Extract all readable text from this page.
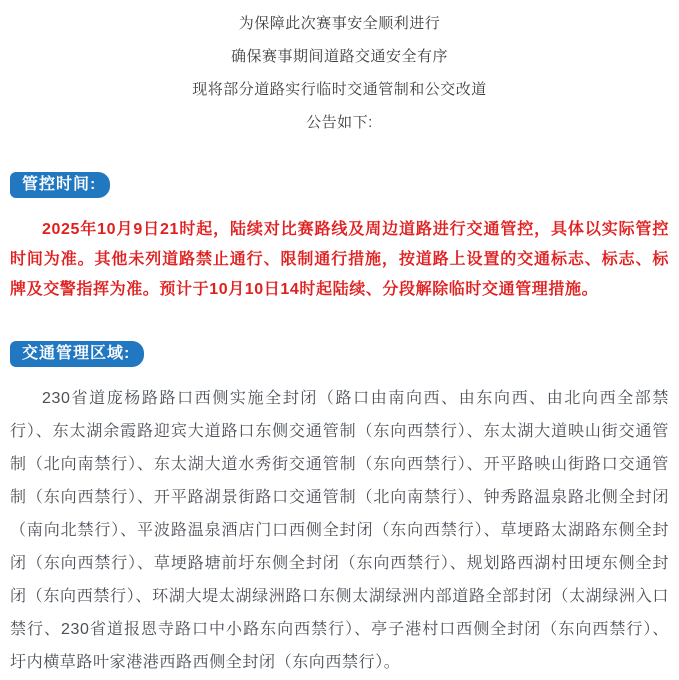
为保障此次赛事安全顺利进行

确保赛事期间道路交通安全有序

现将部分道路实行临时交通管制和公交改道

公告如下:

管控时间:

2025年10月9日21时起，陆续对比赛路线及周边道路进行交通管控，具体以实际管控时间为准。其他未列道路禁止通行、限制通行措施，按道路上设置的交通标志、标志、标牌及交警指挥为准。预计于10月10日14时起陆续、分段解除临时交通管理措施。

交通管理区域:

230省道庞杨路路口西侧实施全封闭（路口由南向西、由东向西、由北向西全部禁行）、东太湖余霞路迎宾大道路口东侧交通管制（东向西禁行）、东太湖大道映山街交通管制（北向南禁行）、东太湖大道水秀街交通管制（东向西禁行）、开平路映山街路口交通管制（东向西禁行）、开平路湖景街路口交通管制（北向南禁行）、钟秀路温泉路北侧全封闭（南向北禁行）、平波路温泉酒店门口西侧全封闭（东向西禁行）、草埂路太湖路东侧全封闭（东向西禁行）、草埂路塘前圩东侧全封闭（东向西禁行）、规划路西湖村田埂东侧全封闭（东向西禁行）、环湖大堤太湖绿洲路口东侧太湖绿洲内部道路全部封闭（太湖绿洲入口禁行、230省道报恩寺路口中小路东向西禁行）、亭子港村口西侧全封闭（东向西禁行）、圩内横草路叶家港港西路西侧全封闭（东向西禁行）。
